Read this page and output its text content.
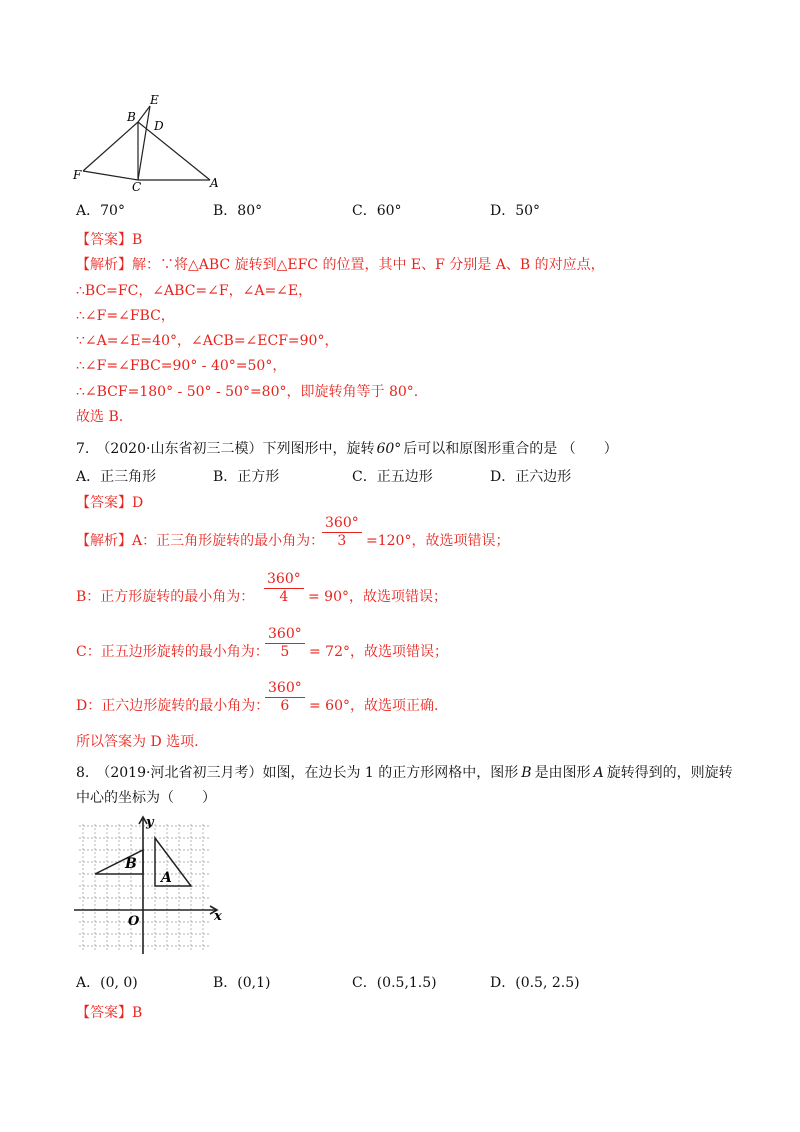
E
B
D
F
C	A
A．70°	B．80°	C．60°	D．50°
【答案】B
【解析】解：∵将△ABC 旋转到△EFC 的位置，其中 E、F 分别是 A、B 的对应点，
∴BC=FC，∠ABC=∠F，∠A=∠E，
∴∠F=∠FBC，
∵∠A=∠E=40°，∠ACB=∠ECF=90°，
∴∠F=∠FBC=90° - 40°=50°，
∴∠BCF=180° - 50° - 50°=80°，即旋转角等于 80°.
故选 B.
7.　 （2020·山东省初三二模）下列图形中，旋转 60° 后可以和原图形重合的是 （　　）
A．正三角形	B．正方形	C．正五边形	D．正六边形
【答案】D
【解析】A：正三角形旋转的最小角为：
$\frac{360^\circ}{3} =120^\circ$，故选项错误；
B：正方形旋转的最小角为： $\frac{360^\circ}{4} = 90^\circ$，故选项错误；
C：正五边形旋转的最小角为：
$\frac{360^\circ}{5} = 72^\circ$，故选项错误；
D：正六边形旋转的最小角为：
$\frac{360^\circ}{6} = 60^\circ$，故选项正确.
所以答案为 D 选项.
8.　 （2019·河北省初三月考）如图，在边长为 1 的正方形网格中，图形 B 是由图形 A 旋转得到的，则旋转
中心的坐标为（　　）
y
x
O
B
A
A．(0, 0)	B．(0,1)	C．(0.5,1.5)	D．(0.5, 2.5)
【答案】B
